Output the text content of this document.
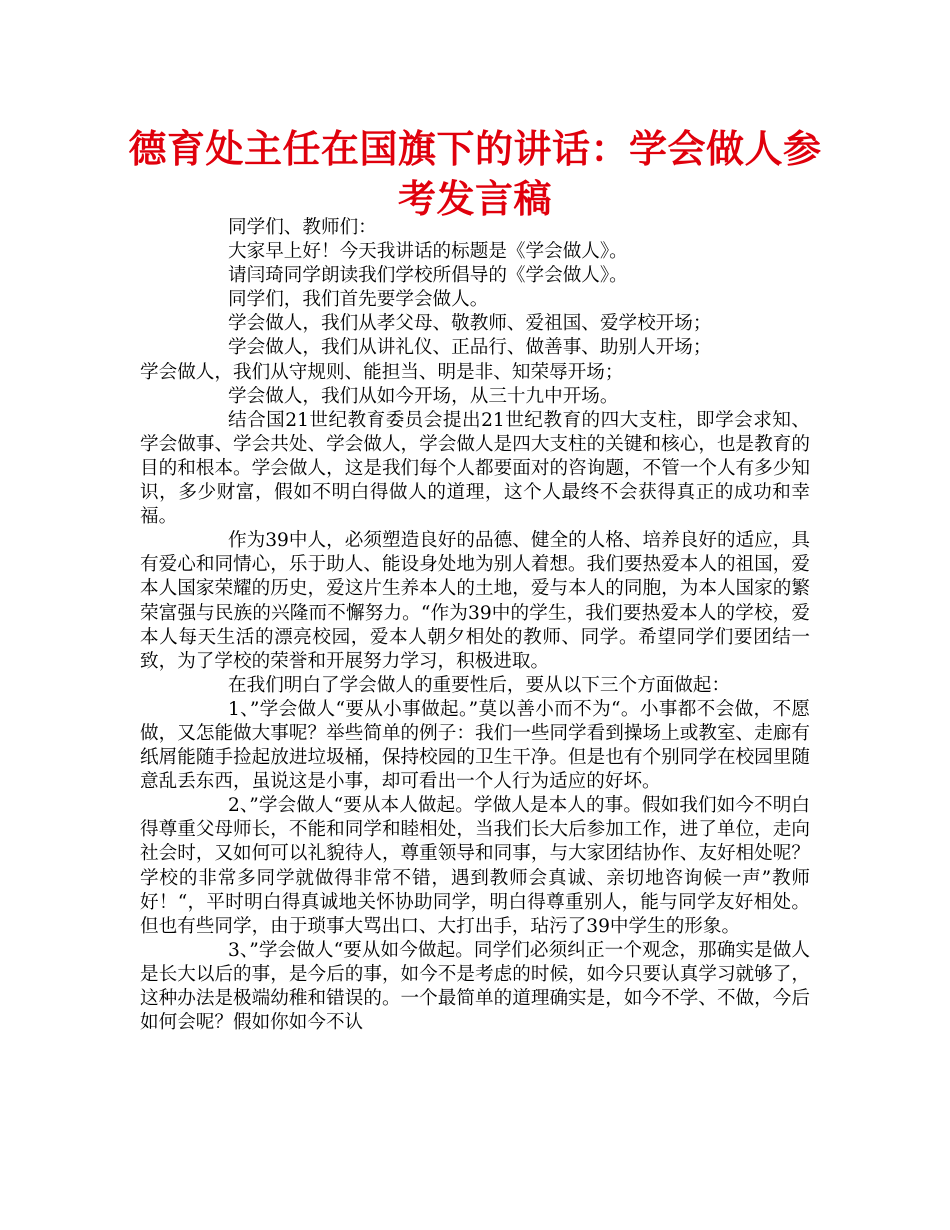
德育处主任在国旗下的讲话：学会做人参考发言稿

同学们、教师们：

大家早上好！今天我讲话的标题是《学会做人》。

请闫琦同学朗读我们学校所倡导的《学会做人》。

同学们，我们首先要学会做人。

学会做人，我们从孝父母、敬教师、爱祖国、爱学校开场；

学会做人，我们从讲礼仪、正品行、做善事、助别人开场；

学会做人，我们从守规则、能担当、明是非、知荣辱开场；

学会做人，我们从如今开场，从三十九中开场。

结合国21世纪教育委员会提出21世纪教育的四大支柱，即学会求知、学会做事、学会共处、学会做人，学会做人是四大支柱的关键和核心，也是教育的目的和根本。学会做人，这是我们每个人都要面对的咨询题，不管一个人有多少知识，多少财富，假如不明白得做人的道理，这个人最终不会获得真正的成功和幸福。

作为39中人，必须塑造良好的品德、健全的人格、培养良好的适应，具有爱心和同情心，乐于助人、能设身处地为别人着想。我们要热爱本人的祖国，爱本人国家荣耀的历史，爱这片生养本人的土地，爱与本人的同胞，为本人国家的繁荣富强与民族的兴隆而不懈努力。“作为39中的学生，我们要热爱本人的学校，爱本人每天生活的漂亮校园，爱本人朝夕相处的教师、同学。希望同学们要团结一致，为了学校的荣誉和开展努力学习，积极进取。

在我们明白了学会做人的重要性后，要从以下三个方面做起：

1、”学会做人“要从小事做起。”莫以善小而不为“。小事都不会做，不愿做，又怎能做大事呢？举些简单的例子：我们一些同学看到操场上或教室、走廊有纸屑能随手捡起放进垃圾桶，保持校园的卫生干净。但是也有个别同学在校园里随意乱丢东西，虽说这是小事，却可看出一个人行为适应的好坏。

2、”学会做人“要从本人做起。学做人是本人的事。假如我们如今不明白得尊重父母师长，不能和同学和睦相处，当我们长大后参加工作，进了单位，走向社会时，又如何可以礼貌待人，尊重领导和同事，与大家团结协作、友好相处呢？学校的非常多同学就做得非常不错，遇到教师会真诚、亲切地咨询候一声”教师好！“，平时明白得真诚地关怀协助同学，明白得尊重别人，能与同学友好相处。但也有些同学，由于琐事大骂出口、大打出手，玷污了39中学生的形象。

3、”学会做人“要从如今做起。同学们必须纠正一个观念，那确实是做人是长大以后的事，是今后的事，如今不是考虑的时候，如今只要认真学习就够了，这种办法是极端幼稚和错误的。一个最简单的道理确实是，如今不学、不做，今后如何会呢？假如你如今不认
